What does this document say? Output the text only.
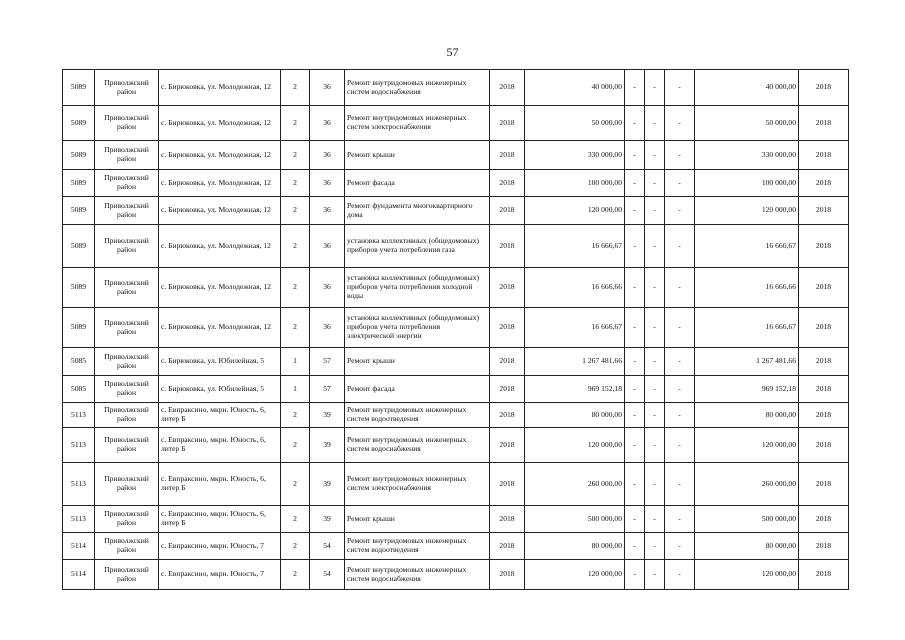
57
5089	Приволжский район	с. Бирюковка, ул. Молодежная, 12	2	36	Ремонт внутридомовых инженерных систем водоснабжения	2018	40 000,00	-	-	-	40 000,00	2018
5089	Приволжский район	с. Бирюковка, ул. Молодежная, 12	2	36	Ремонт внутридомовых инженерных систем электроснабжения	2018	50 000,00	-	-	-	50 000,00	2018
5089	Приволжский район	с. Бирюковка, ул. Молодежная, 12	2	36	Ремонт крыши	2018	330 000,00	-	-	-	330 000,00	2018
5089	Приволжский район	с. Бирюковка, ул. Молодежная, 12	2	36	Ремонт фасада	2018	100 000,00	-	-	-	100 000,00	2018
5089	Приволжский район	с. Бирюковка, ул. Молодежная, 12	2	36	Ремонт фундамента многоквартирного дома	2018	120 000,00	-	-	-	120 000,00	2018
5089	Приволжский район	с. Бирюковка, ул. Молодежная, 12	2	36	установка коллективных (общедомовых) приборов учета потребления газа	2018	16 666,67	-	-	-	16 666,67	2018
5089	Приволжский район	с. Бирюковка, ул. Молодежная, 12	2	36	установка коллективных (общедомовых) приборов учета потребления холодной воды	2018	16 666,66	-	-	-	16 666,66	2018
5089	Приволжский район	с. Бирюковка, ул. Молодежная, 12	2	36	установка коллективных (общедомовых) приборов учета потребления электрической энергии	2018	16 666,67	-	-	-	16 666,67	2018
5085	Приволжский район	с. Бирюковка, ул. Юбилейная, 5	1	57	Ремонт крыши	2018	1 267 481,66	-	-	-	1 267 481,66	2018
5085	Приволжский район	с. Бирюковка, ул. Юбилейная, 5	1	57	Ремонт фасада	2018	969 152,18	-	-	-	969 152,18	2018
5113	Приволжский район	с. Евпраксино, мкрн. Юность, 6, литер Б	2	39	Ремонт внутридомовых инженерных систем водоотведения	2018	80 000,00	-	-	-	80 000,00	2018
5113	Приволжский район	с. Евпраксино, мкрн. Юность, 6, литер Б	2	39	Ремонт внутридомовых инженерных систем водоснабжения	2018	120 000,00	-	-	-	120 000,00	2018
5113	Приволжский район	с. Евпраксино, мкрн. Юность, 6, литер Б	2	39	Ремонт внутридомовых инженерных систем электроснабжения	2018	260 000,00	-	-	-	260 000,00	2018
5113	Приволжский район	с. Евпраксино, мкрн. Юность, 6, литер Б	2	39	Ремонт крыши	2018	500 000,00	-	-	-	500 000,00	2018
5114	Приволжский район	с. Евпраксино, мкрн. Юность, 7	2	54	Ремонт внутридомовых инженерных систем водоотведения	2018	80 000,00	-	-	-	80 000,00	2018
5114	Приволжский район	с. Евпраксино, мкрн. Юность, 7	2	54	Ремонт внутридомовых инженерных систем водоснабжения	2018	120 000,00	-	-	-	120 000,00	2018
